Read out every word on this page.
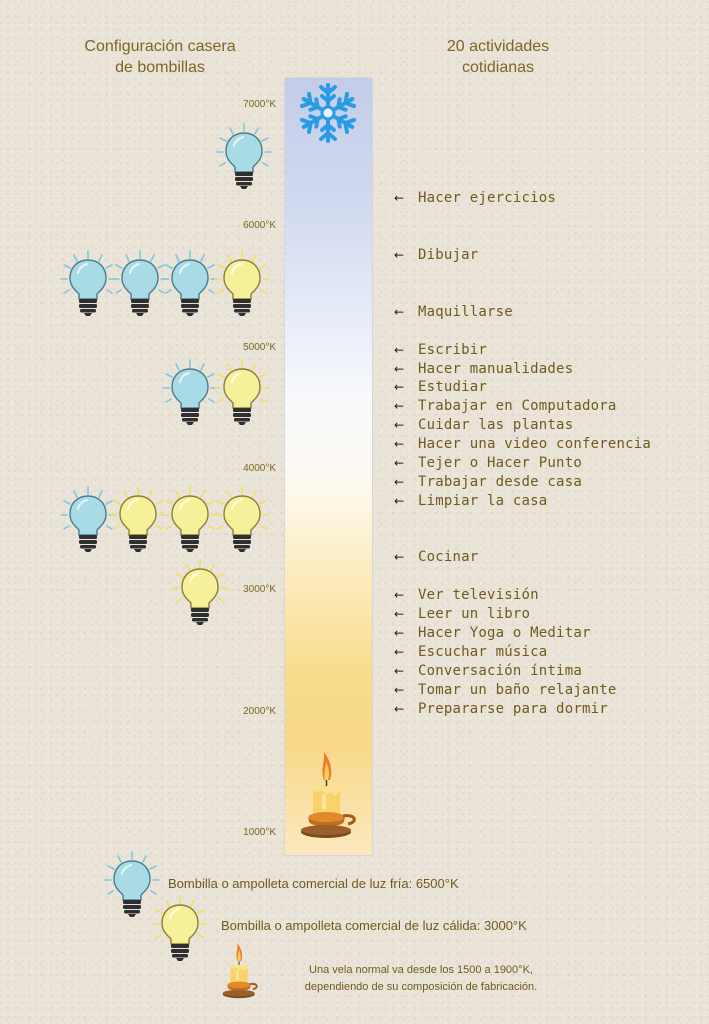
Configuración casera
de bombillas
20 actividades
cotidianas
7000°K
6000°K
5000°K
4000°K
3000°K
2000°K
1000°K
← Hacer ejercicios
← Dibujar
← Maquillarse
← Escribir
← Hacer manualidades
← Estudiar
← Trabajar en Computadora
← Cuidar las plantas
← Hacer una video conferencia
← Tejer o Hacer Punto
← Trabajar desde casa
← Limpiar la casa
← Cocinar
← Ver televisión
← Leer un libro
← Hacer Yoga o Meditar
← Escuchar música
← Conversación íntima
← Tomar un baño relajante
← Prepararse para dormir
Bombilla o ampolleta comercial de luz fría: 6500°K
Bombilla o ampolleta comercial de luz cálida: 3000°K
Una vela normal va desde los 1500 a 1900°K,
dependiendo de su composición de fabricación.
